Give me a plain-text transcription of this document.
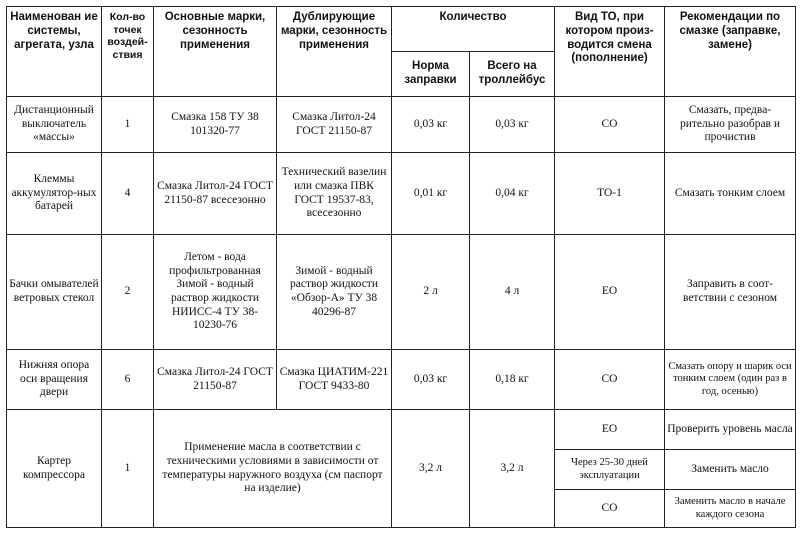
Наименован ие системы, агрегата, узла	Кол-во точек воздей-ствия	Основные марки, сезонность применения	Дублирующие марки, сезонность применения	Количество		Вид ТО, при котором произ-водится смена (пополнение)	Рекомендации по смазке (заправке, замене)
				Норма заправки	Всего на троллейбус		
Дистанционный выключатель «массы»	1	Смазка 158 ТУ 38 101320-77	Смазка Литол-24 ГОСТ 21150-87	0,03 кг	0,03 кг	СО	Смазать, предва-рительно разобрав и прочистив
Клеммы аккумулятор-ных батарей	4	Смазка Литол-24 ГОСТ 21150-87 всесезонно	Технический вазелин или смазка ПВК ГОСТ 19537-83, всесезонно	0,01 кг	0,04 кг	ТО-1	Смазать тонким слоем
Бачки омывателей ветровых стекол	2	Летом - вода профильтрованная Зимой - водный раствор жидкости НИИСС-4 ТУ 38-10230-76	Зимой - водный раствор жидкости «Обзор-А» ТУ 38 40296-87	2 л	4 л	ЕО	Заправить в соот-ветствии с сезоном
Нижняя опора оси вращения двери	6	Смазка Литол-24 ГОСТ 21150-87	Смазка ЦИАТИМ-221 ГОСТ 9433-80	0,03 кг	0,18 кг	СО	Смазать опору и шарик оси тонким слоем (один раз в год, осенью)
Картер компрессора	1	Применение масла в соответствии с техническими условиями в зависимости от температуры наружного воздуха (см паспорт на изделие)		3,2 л	3,2 л	ЕО	Проверить уровень масла
						Через 25-30 дней эксплуатации	Заменить масло
						СО	Заменить масло в начале каждого сезона
